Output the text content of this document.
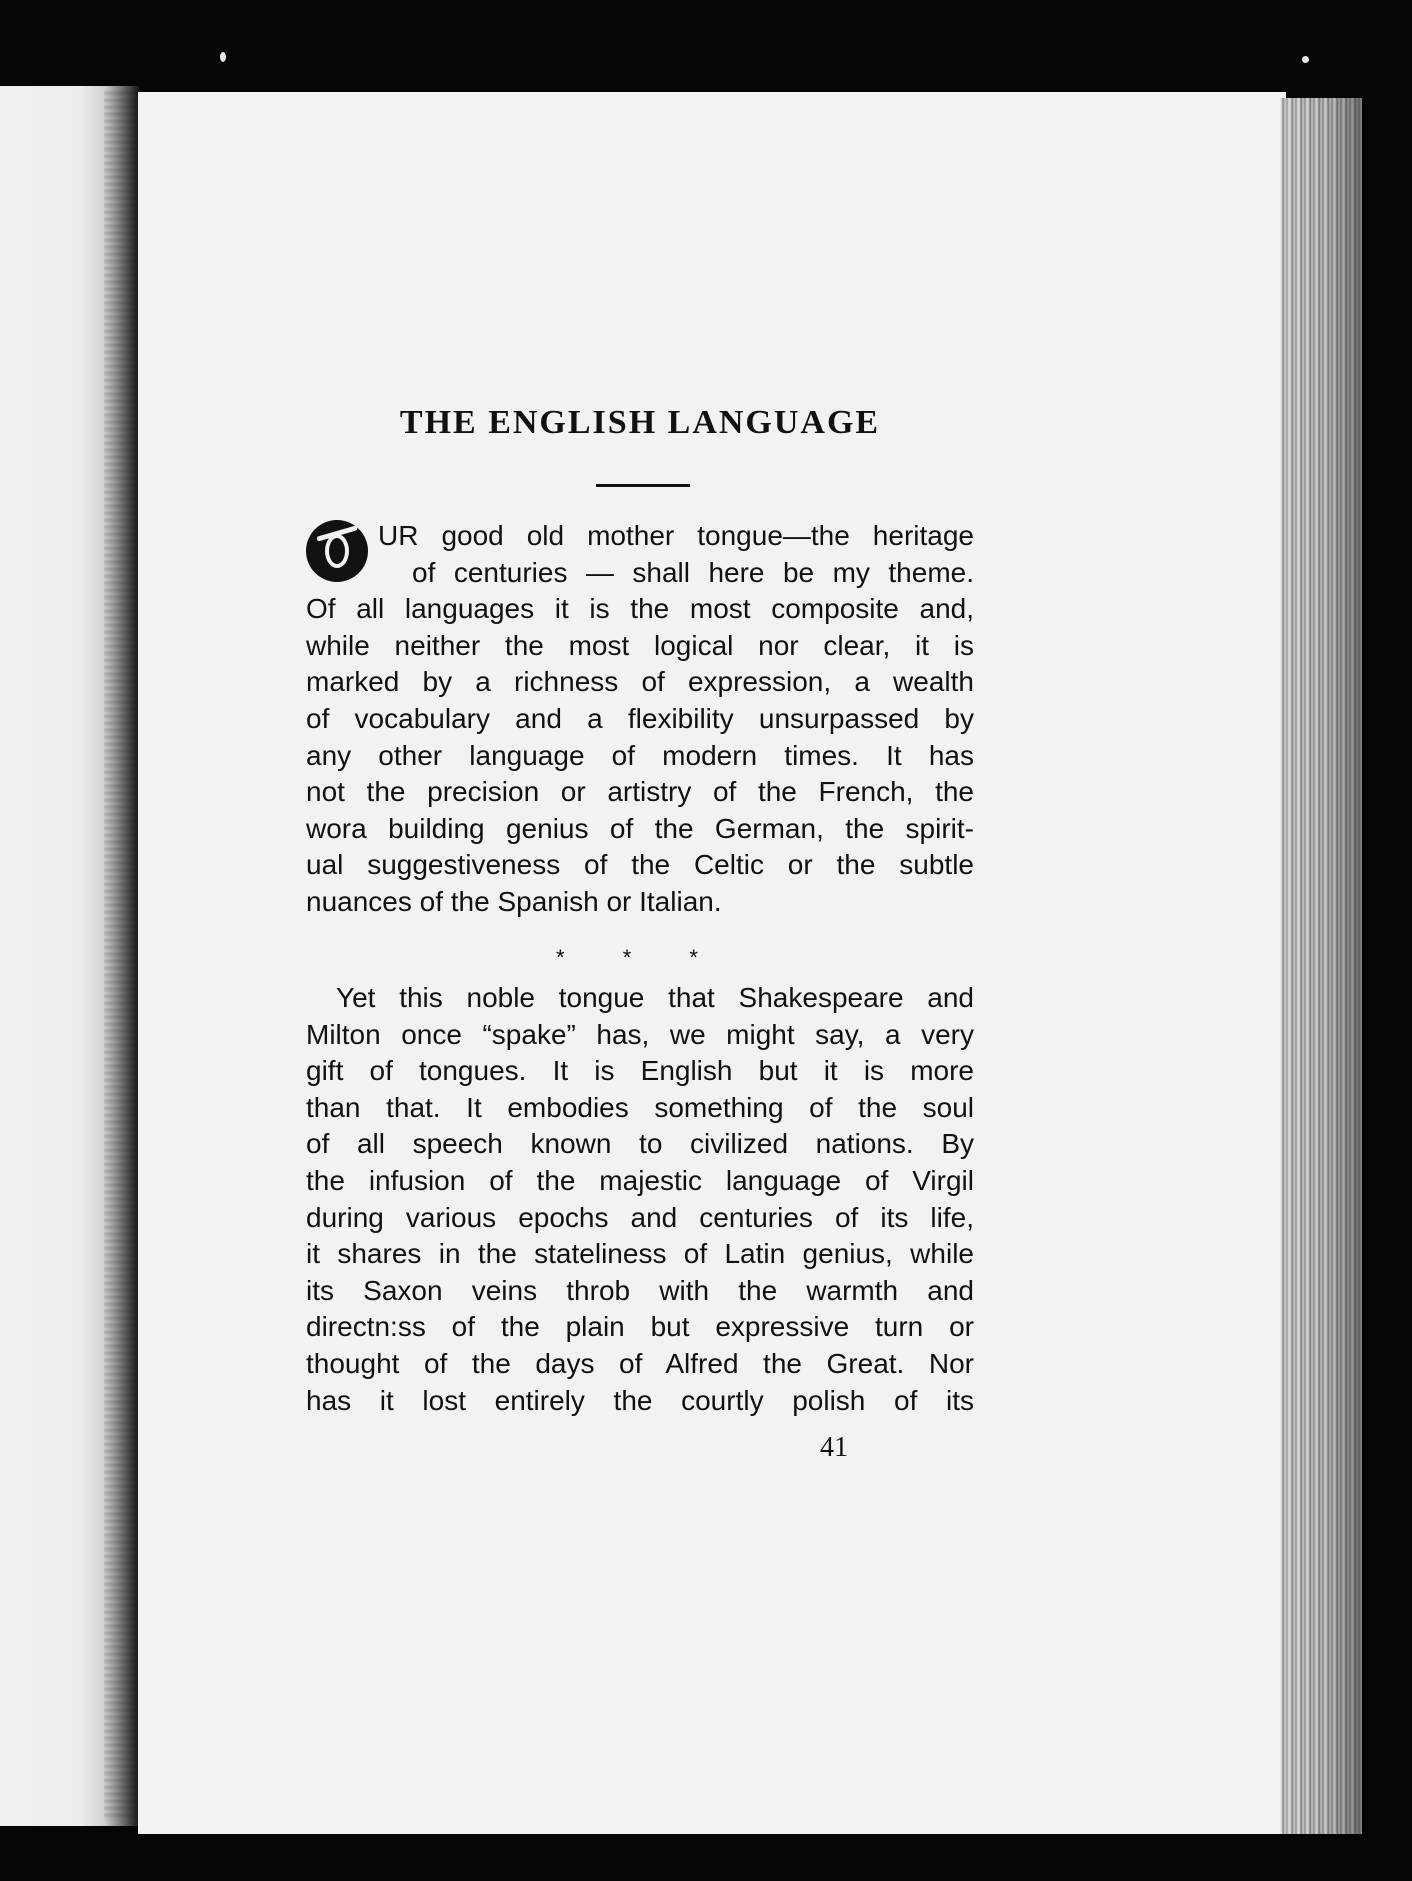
THE ENGLISH LANGUAGE
UR good old mother tongue—the heritage
of centuries — shall here be my theme.
Of all languages it is the most composite and,
while neither the most logical nor clear, it is
marked by a richness of expression, a wealth
of vocabulary and a flexibility unsurpassed by
any other language of modern times. It has
not the precision or artistry of the French, the
worа building genius of the German, the spirit-
ual suggestiveness of the Celtic or the subtle
nuances of the Spanish or Italian.
* * *
Yet this noble tongue that Shakespeare and
Milton once “spake” has, we might say, a very
gift of tongues. It is English but it is more
than that. It embodies something of the soul
of all speech known to civilized nations. By
the infusion of the majestic language of Virgil
during various epochs and centuries of its life,
it shares in the stateliness of Latin genius, while
its Saxon veins throb with the warmth and
directn:ss of the plain but expressive turn or
thought of the days of Alfred the Great. Nor
has it lost entirely the courtly polish of its
41
